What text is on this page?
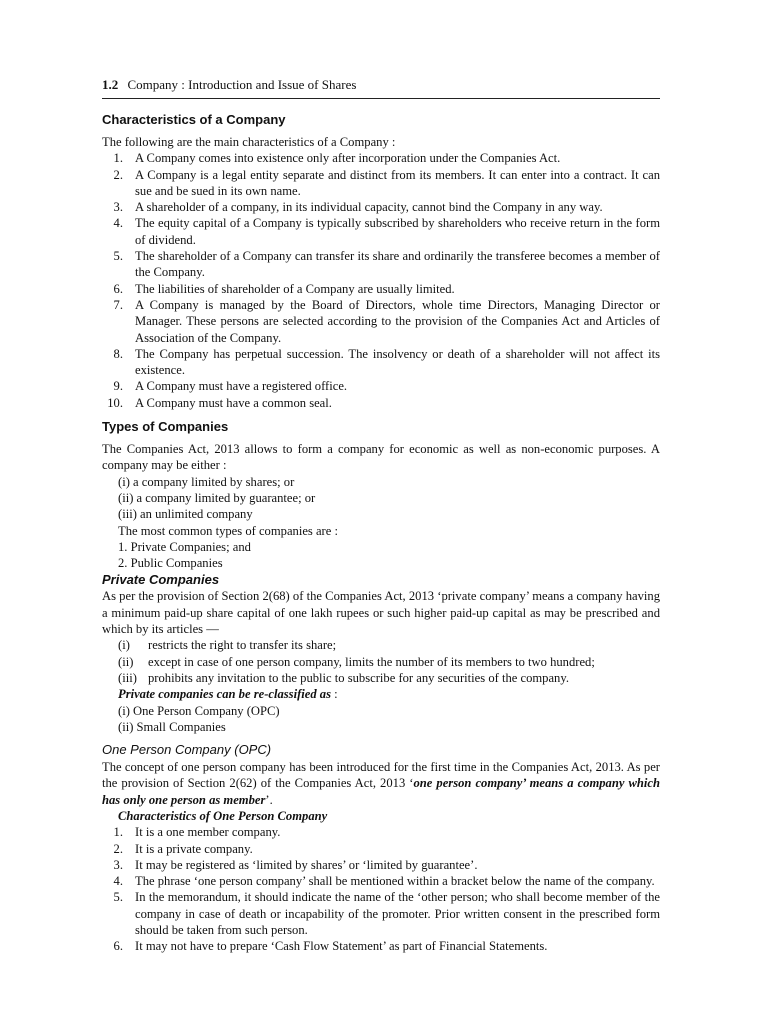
1.2 Company : Introduction and Issue of Shares
Characteristics of a Company

The following are the main characteristics of a Company :

1. A Company comes into existence only after incorporation under the Companies Act.
2. A Company is a legal entity separate and distinct from its members. It can enter into a contract. It can sue and be sued in its own name.
3. A shareholder of a company, in its individual capacity, cannot bind the Company in any way.
4. The equity capital of a Company is typically subscribed by shareholders who receive return in the form of dividend.
5. The shareholder of a Company can transfer its share and ordinarily the transferee becomes a member of the Company.
6. The liabilities of shareholder of a Company are usually limited.
7. A Company is managed by the Board of Directors, whole time Directors, Managing Director or Manager. These persons are selected according to the provision of the Companies Act and Articles of Association of the Company.
8. The Company has perpetual succession. The insolvency or death of a shareholder will not affect its existence.
9. A Company must have a registered office.
10. A Company must have a common seal.
Types of Companies

The Companies Act, 2013 allows to form a company for economic as well as non-economic purposes. A company may be either :

(i) a company limited by shares; or

(ii) a company limited by guarantee; or

(iii) an unlimited company

The most common types of companies are :

1. Private Companies; and

2. Public Companies

Private Companies

As per the provision of Section 2(68) of the Companies Act, 2013 ‘private company’ means a company having a minimum paid-up share capital of one lakh rupees or such higher paid-up capital as may be prescribed and which by its articles —

(i)	restricts the right to transfer its share;
(ii)	except in case of one person company, limits the number of its members to two hundred;
(iii) prohibits any invitation to the public to subscribe for any securities of the company.

Private companies can be re-classified as :

(i) One Person Company (OPC)

(ii) Small Companies

One Person Company (OPC)

The concept of one person company has been introduced for the first time in the Companies Act, 2013. As per the provision of Section 2(62) of the Companies Act, 2013 ‘one person company’ means a company which has only one person as member’.

Characteristics of One Person Company

1. It is a one member company.
2. It is a private company.
3. It may be registered as ‘limited by shares’ or ‘limited by guarantee’.
4. The phrase ‘one person company’ shall be mentioned within a bracket below the name of the company.
5. In the memorandum, it should indicate the name of the ‘other person; who shall become member of the company in case of death or incapability of the promoter. Prior written consent in the prescribed form should be taken from such person.
6. It may not have to prepare ‘Cash Flow Statement’ as part of Financial Statements.
